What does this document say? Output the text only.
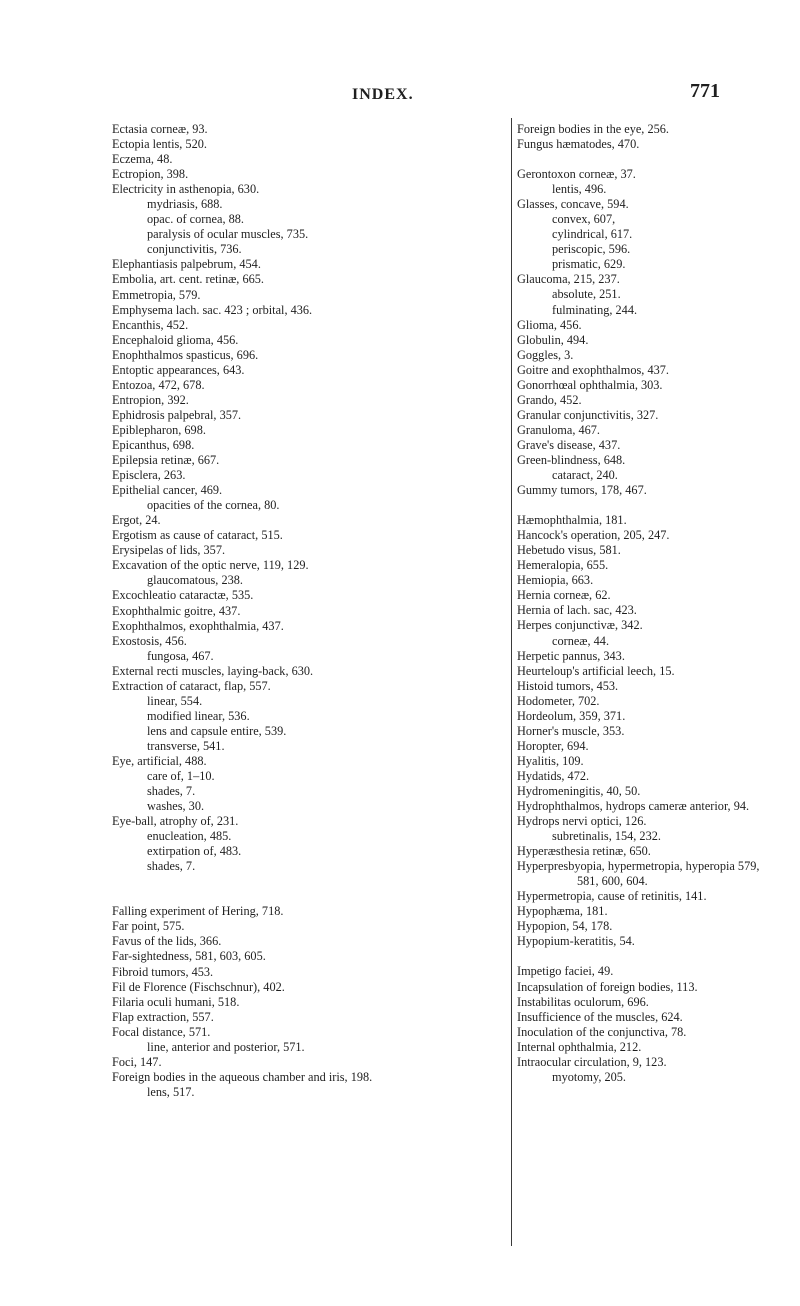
INDEX.	771
Ectasia corneæ, 93.
Ectopia lentis, 520.
Eczema, 48.
Ectropion, 398.
Electricity in asthenopia, 630.
mydriasis, 688.
opac. of cornea, 88.
paralysis of ocular muscles, 735.
conjunctivitis, 736.
Elephantiasis palpebrum, 454.
Embolia, art. cent. retinæ, 665.
Emmetropia, 579.
Emphysema lach. sac. 423 ; orbital, 436.
Encanthis, 452.
Encephaloid glioma, 456.
Enophthalmos spasticus, 696.
Entoptic appearances, 643.
Entozoa, 472, 678.
Entropion, 392.
Ephidrosis palpebral, 357.
Epiblepharon, 698.
Epicanthus, 698.
Epilepsia retinæ, 667.
Episclera, 263.
Epithelial cancer, 469.
opacities of the cornea, 80.
Ergot, 24.
Ergotism as cause of cataract, 515.
Erysipelas of lids, 357.
Excavation of the optic nerve, 119, 129.
glaucomatous, 238.
Excochleatio cataractæ, 535.
Exophthalmic goitre, 437.
Exophthalmos, exophthalmia, 437.
Exostosis, 456.
fungosa, 467.
External recti muscles, laying-back, 630.
Extraction of cataract, flap, 557.
linear, 554.
modified linear, 536.
lens and capsule entire, 539.
transverse, 541.
Eye, artificial, 488.
care of, 1–10.
shades, 7.
washes, 30.
Eye-ball, atrophy of, 231.
enucleation, 485.
extirpation of, 483.
shades, 7.
Falling experiment of Hering, 718.
Far point, 575.
Favus of the lids, 366.
Far-sightedness, 581, 603, 605.
Fibroid tumors, 453.
Fil de Florence (Fischschnur), 402.
Filaria oculi humani, 518.
Flap extraction, 557.
Focal distance, 571.
line, anterior and posterior, 571.
Foci, 147.
Foreign bodies in the aqueous chamber and iris, 198.
lens, 517.
Foreign bodies in the eye, 256.
Fungus hæmatodes, 470.
Gerontoxon corneæ, 37.
lentis, 496.
Glasses, concave, 594.
convex, 607,
cylindrical, 617.
periscopic, 596.
prismatic, 629.
Glaucoma, 215, 237.
absolute, 251.
fulminating, 244.
Glioma, 456.
Globulin, 494.
Goggles, 3.
Goitre and exophthalmos, 437.
Gonorrhœal ophthalmia, 303.
Grando, 452.
Granular conjunctivitis, 327.
Granuloma, 467.
Grave's disease, 437.
Green-blindness, 648.
cataract, 240.
Gummy tumors, 178, 467.
Hæmophthalmia, 181.
Hancock's operation, 205, 247.
Hebetudo visus, 581.
Hemeralopia, 655.
Hemiopia, 663.
Hernia corneæ, 62.
Hernia of lach. sac, 423.
Herpes conjunctivæ, 342.
corneæ, 44.
Herpetic pannus, 343.
Heurteloup's artificial leech, 15.
Histoid tumors, 453.
Hodometer, 702.
Hordeolum, 359, 371.
Horner's muscle, 353.
Horopter, 694.
Hyalitis, 109.
Hydatids, 472.
Hydromeningitis, 40, 50.
Hydrophthalmos, hydrops cameræ anterior, 94.
Hydrops nervi optici, 126.
subretinalis, 154, 232.
Hyperæsthesia retinæ, 650.
Hyperpresbyopia, hypermetropia, hyperopia 579,
581, 600, 604.
Hypermetropia, cause of retinitis, 141.
Hypophæma, 181.
Hypopion, 54, 178.
Hypopium-keratitis, 54.
Impetigo faciei, 49.
Incapsulation of foreign bodies, 113.
Instabilitas oculorum, 696.
Insufficience of the muscles, 624.
Inoculation of the conjunctiva, 78.
Internal ophthalmia, 212.
Intraocular circulation, 9, 123.
myotomy, 205.
